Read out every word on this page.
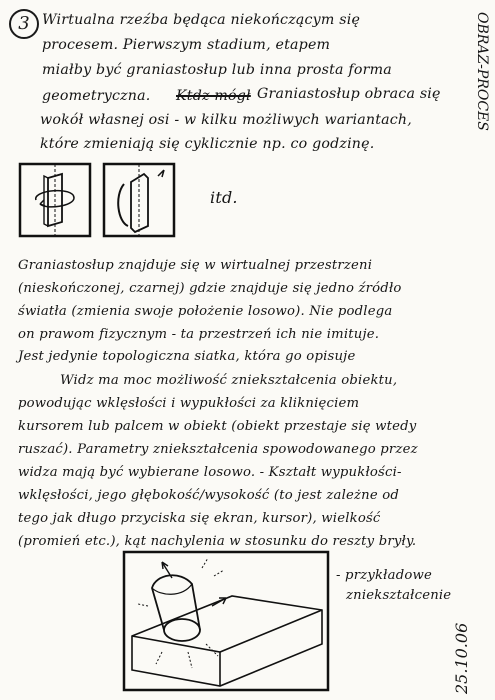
3	OBRAZ-PROCES
Wirtualna rzeźba będąca niekończącym się
procesem. Pierwszym stadium, etapem
miałby być graniastosłup lub inna prosta forma
geometryczna. Ktdz mógł Graniastosłup obraca się
wokół własnej osi - w kilku możliwych wariantach,
które zmieniają się cyklicznie np. co godzinę.
itd.
Graniastosłup znajduje się w wirtualnej przestrzeni
(nieskończonej, czarnej) gdzie znajduje się jedno źródło
światła (zmienia swoje położenie losowo). Nie podlega
on prawom fizycznym - ta przestrzeń ich nie imituje.
Jest jedynie topologiczna siatka, która go opisuje
Widz ma moc możliwość zniekształcenia obiektu,
powodując wklęsłości i wypukłości za kliknięciem
kursorem lub palcem w obiekt (obiekt przestaje się wtedy
ruszać). Parametry zniekształcenia spowodowanego przez
widza mają być wybierane losowo. - Kształt wypukłości-
wklęsłości, jego głębokość/wysokość (to jest zależne od
tego jak długo przyciska się ekran, kursor), wielkość
(promień etc.), kąt nachylenia w stosunku do reszty bryły.
- przykładowe
zniekształcenie
25.10.06
